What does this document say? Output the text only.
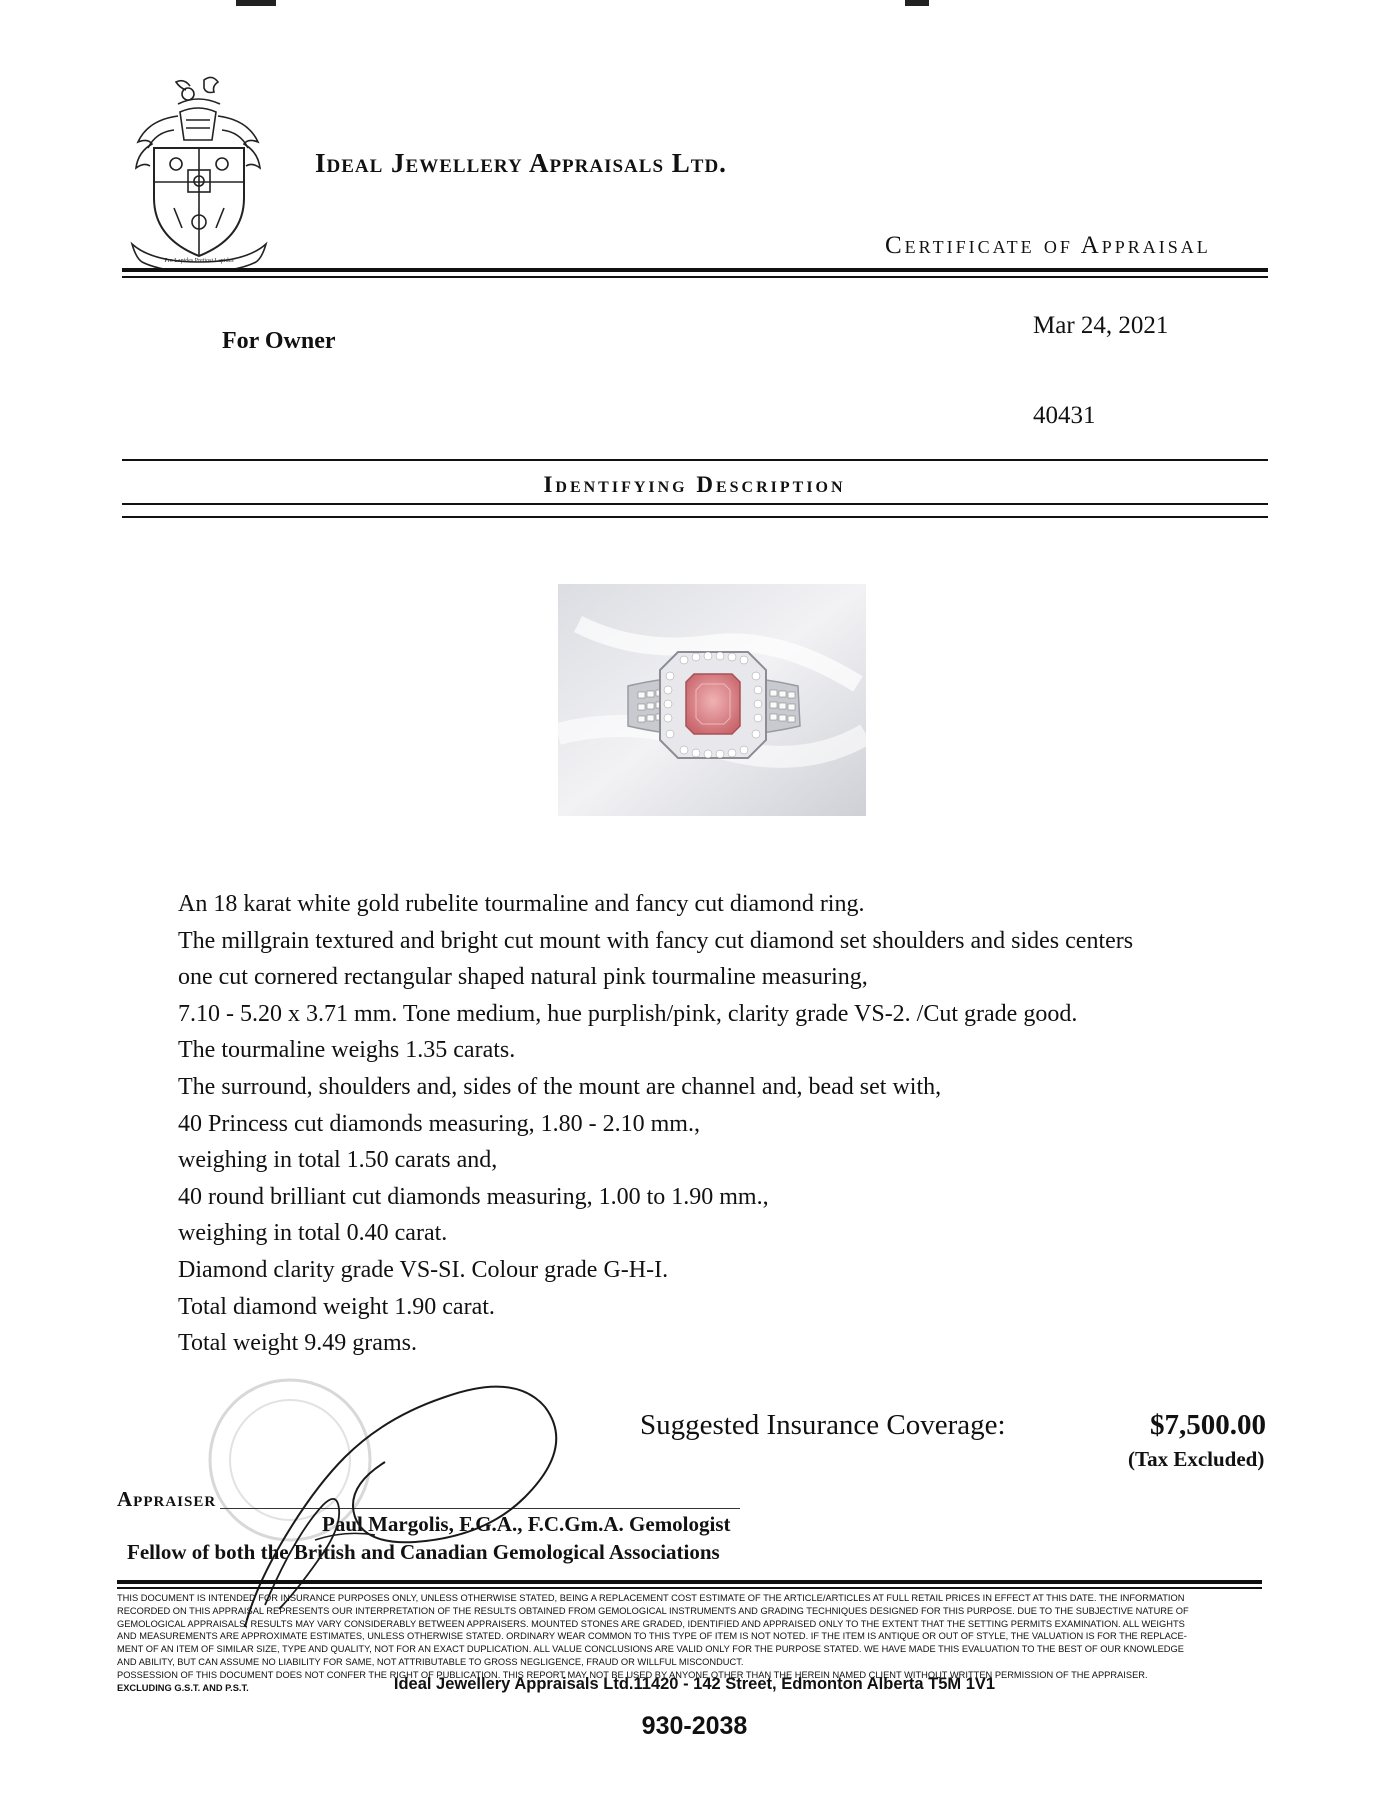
Pro Lapides Pretiosi Lapides
Ideal Jewellery Appraisals Ltd.
Certificate of Appraisal
For Owner
Mar 24, 2021
40431
Identifying Description
An 18 karat white gold rubelite tourmaline and fancy cut diamond ring.
The millgrain textured and bright cut mount with fancy cut diamond set shoulders and sides centers
one cut cornered rectangular shaped natural pink tourmaline measuring,
7.10 - 5.20 x 3.71 mm. Tone medium, hue purplish/pink, clarity grade VS-2. /Cut grade good.
The tourmaline weighs 1.35 carats.
The surround, shoulders and, sides of the mount are channel and, bead set with,
40 Princess cut diamonds measuring, 1.80 - 2.10 mm.,
weighing in total 1.50 carats and,
40 round brilliant cut diamonds measuring, 1.00 to 1.90 mm.,
weighing in total 0.40 carat.
Diamond clarity grade VS-SI. Colour grade G-H-I.
Total diamond weight 1.90 carat.
Total weight 9.49 grams.
Suggested Insurance Coverage:	$7,500.00
(Tax Excluded)
Appraiser
Paul Margolis, F.G.A., F.C.Gm.A. Gemologist
Fellow of both the British and Canadian Gemological Associations
THIS DOCUMENT IS INTENDED FOR INSURANCE PURPOSES ONLY, UNLESS OTHERWISE STATED, BEING A REPLACEMENT COST ESTIMATE OF THE ARTICLE/ARTICLES AT FULL RETAIL PRICES IN EFFECT AT THIS DATE. THE INFORMATION
RECORDED ON THIS APPRAISAL REPRESENTS OUR INTERPRETATION OF THE RESULTS OBTAINED FROM GEMOLOGICAL INSTRUMENTS AND GRADING TECHNIQUES DESIGNED FOR THIS PURPOSE. DUE TO THE SUBJECTIVE NATURE OF
GEMOLOGICAL APPRAISALS, RESULTS MAY VARY CONSIDERABLY BETWEEN APPRAISERS. MOUNTED STONES ARE GRADED, IDENTIFIED AND APPRAISED ONLY TO THE EXTENT THAT THE SETTING PERMITS EXAMINATION. ALL WEIGHTS
AND MEASUREMENTS ARE APPROXIMATE ESTIMATES, UNLESS OTHERWISE STATED. ORDINARY WEAR COMMON TO THIS TYPE OF ITEM IS NOT NOTED. IF THE ITEM IS ANTIQUE OR OUT OF STYLE, THE VALUATION IS FOR THE REPLACE-
MENT OF AN ITEM OF SIMILAR SIZE, TYPE AND QUALITY, NOT FOR AN EXACT DUPLICATION. ALL VALUE CONCLUSIONS ARE VALID ONLY FOR THE PURPOSE STATED. WE HAVE MADE THIS EVALUATION TO THE BEST OF OUR KNOWLEDGE
AND ABILITY, BUT CAN ASSUME NO LIABILITY FOR SAME, NOT ATTRIBUTABLE TO GROSS NEGLIGENCE, FRAUD OR WILLFUL MISCONDUCT.
POSSESSION OF THIS DOCUMENT DOES NOT CONFER THE RIGHT OF PUBLICATION. THIS REPORT MAY NOT BE USED BY ANYONE OTHER THAN THE HEREIN NAMED CLIENT WITHOUT WRITTEN PERMISSION OF THE APPRAISER.
EXCLUDING G.S.T. AND P.S.T.	Ideal Jewellery Appraisals Ltd.11420 - 142 Street, Edmonton Alberta T5M 1V1
930-2038
